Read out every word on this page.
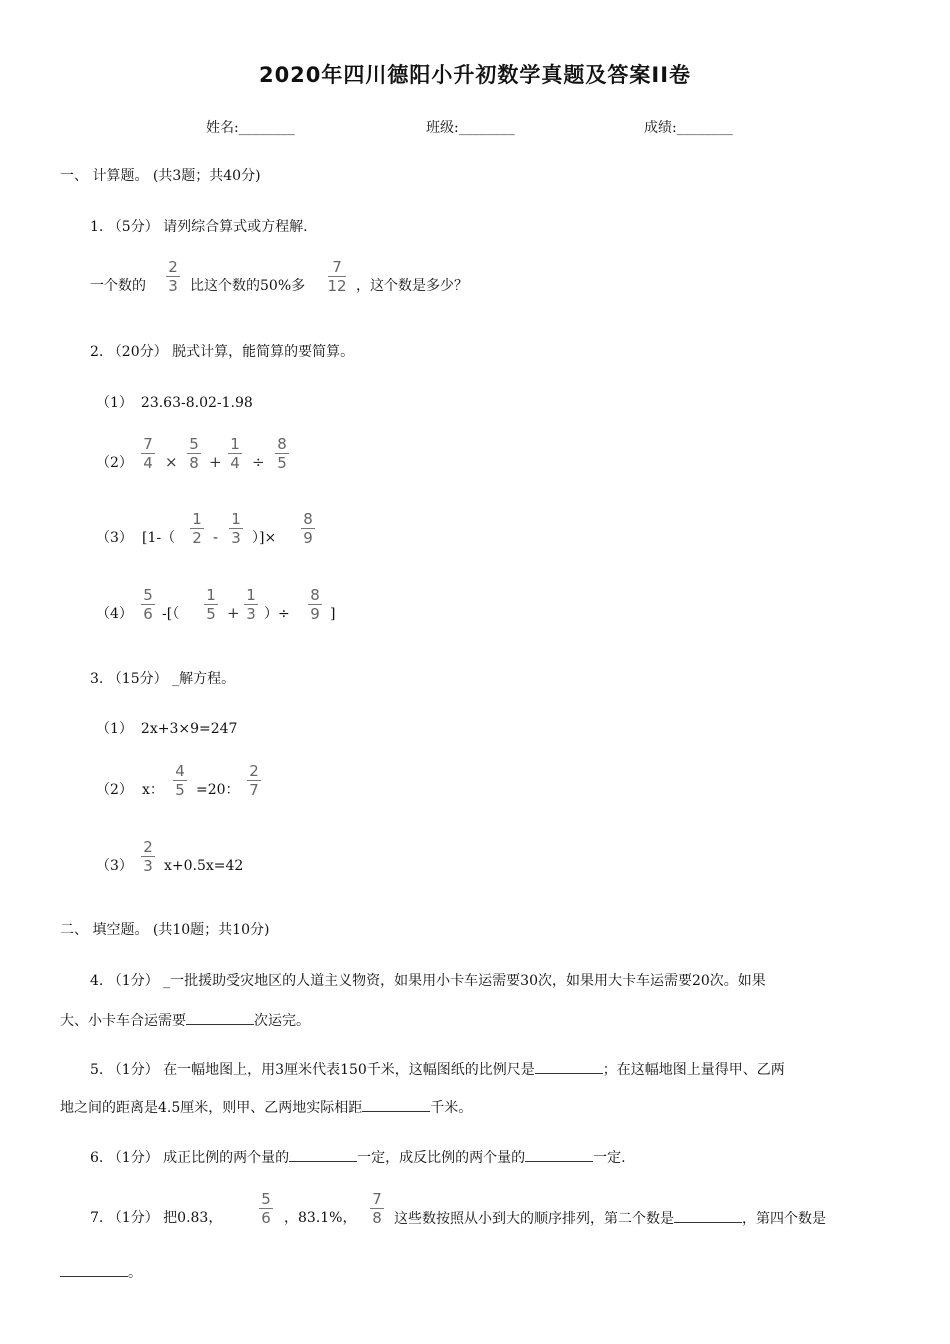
2020年四川德阳小升初数学真题及答案II卷
姓名:________	班级:________	成绩:________
一、 计算题。 (共3题；共40分)
1. （5分） 请列综合算式或方程解.
一个数的
2
3 比这个数的50%多
7
12 ，这个数是多少？
2. （20分） 脱式计算，能简算的要简算。
（1） 23.63-8.02-1.98
（2）
7
4 ×
5
8 +
1
4 ÷
8
5
（3） [1-（
1
2 -
1
3 ）]×
8
9
（4）
5
6 -[（
1
5 +
1
3 ）÷
8
9 ]
3. （15分） _解方程。
（1） 2x+3×9=247
（2） x：
4
5 =20：
2
7
（3）
2
3 x+0.5x=42
二、 填空题。 (共10题；共10分)
4. （1分） _一批援助受灾地区的人道主义物资，如果用小卡车运需要30次，如果用大卡车运需要20次。如果
大、小卡车合运需要	次运完。
5. （1分） 在一幅地图上，用3厘米代表150千米，这幅图纸的比例尺是	；在这幅地图上量得甲、乙两
地之间的距离是4.5厘米，则甲、乙两地实际相距	千米。
6. （1分） 成正比例的两个量的	一定，成反比例的两个量的	一定.
7. （1分） 把0.83，
5
6 ，83.1%，
7
8 这些数按照从小到大的顺序排列，第二个数是	，第四个数是
。
